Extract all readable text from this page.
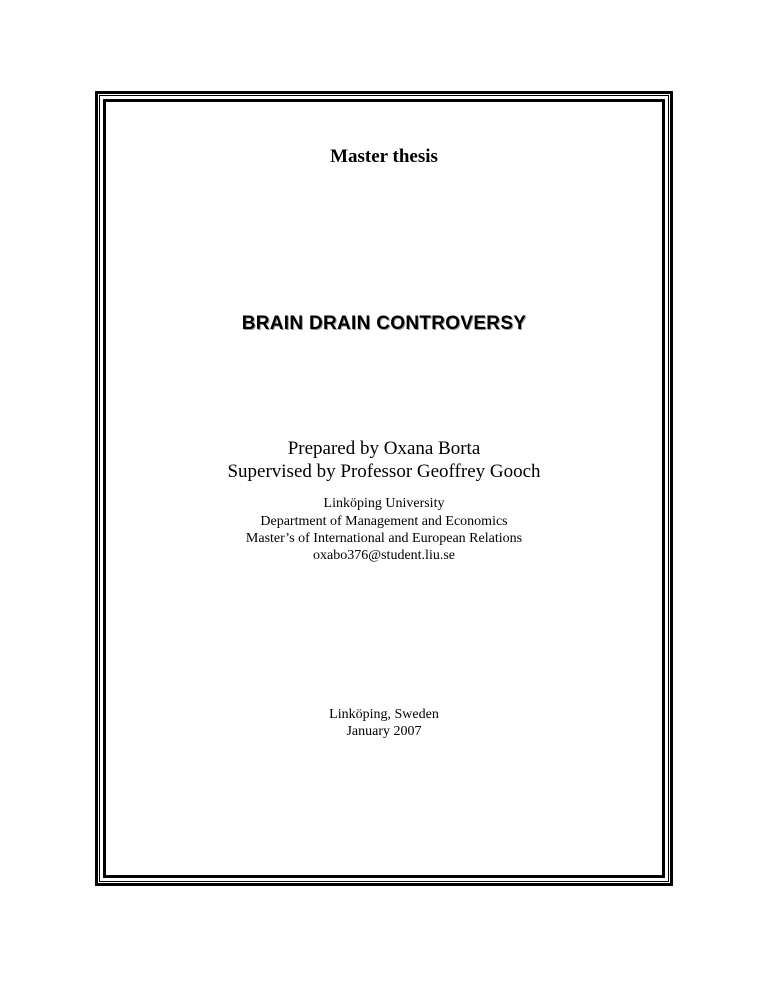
Master thesis
BRAIN DRAIN CONTROVERSY
Prepared by Oxana Borta
Supervised by Professor Geoffrey Gooch
Linköping University
Department of Management and Economics
Master’s of International and European Relations
oxabo376@student.liu.se
Linköping, Sweden
January 2007
